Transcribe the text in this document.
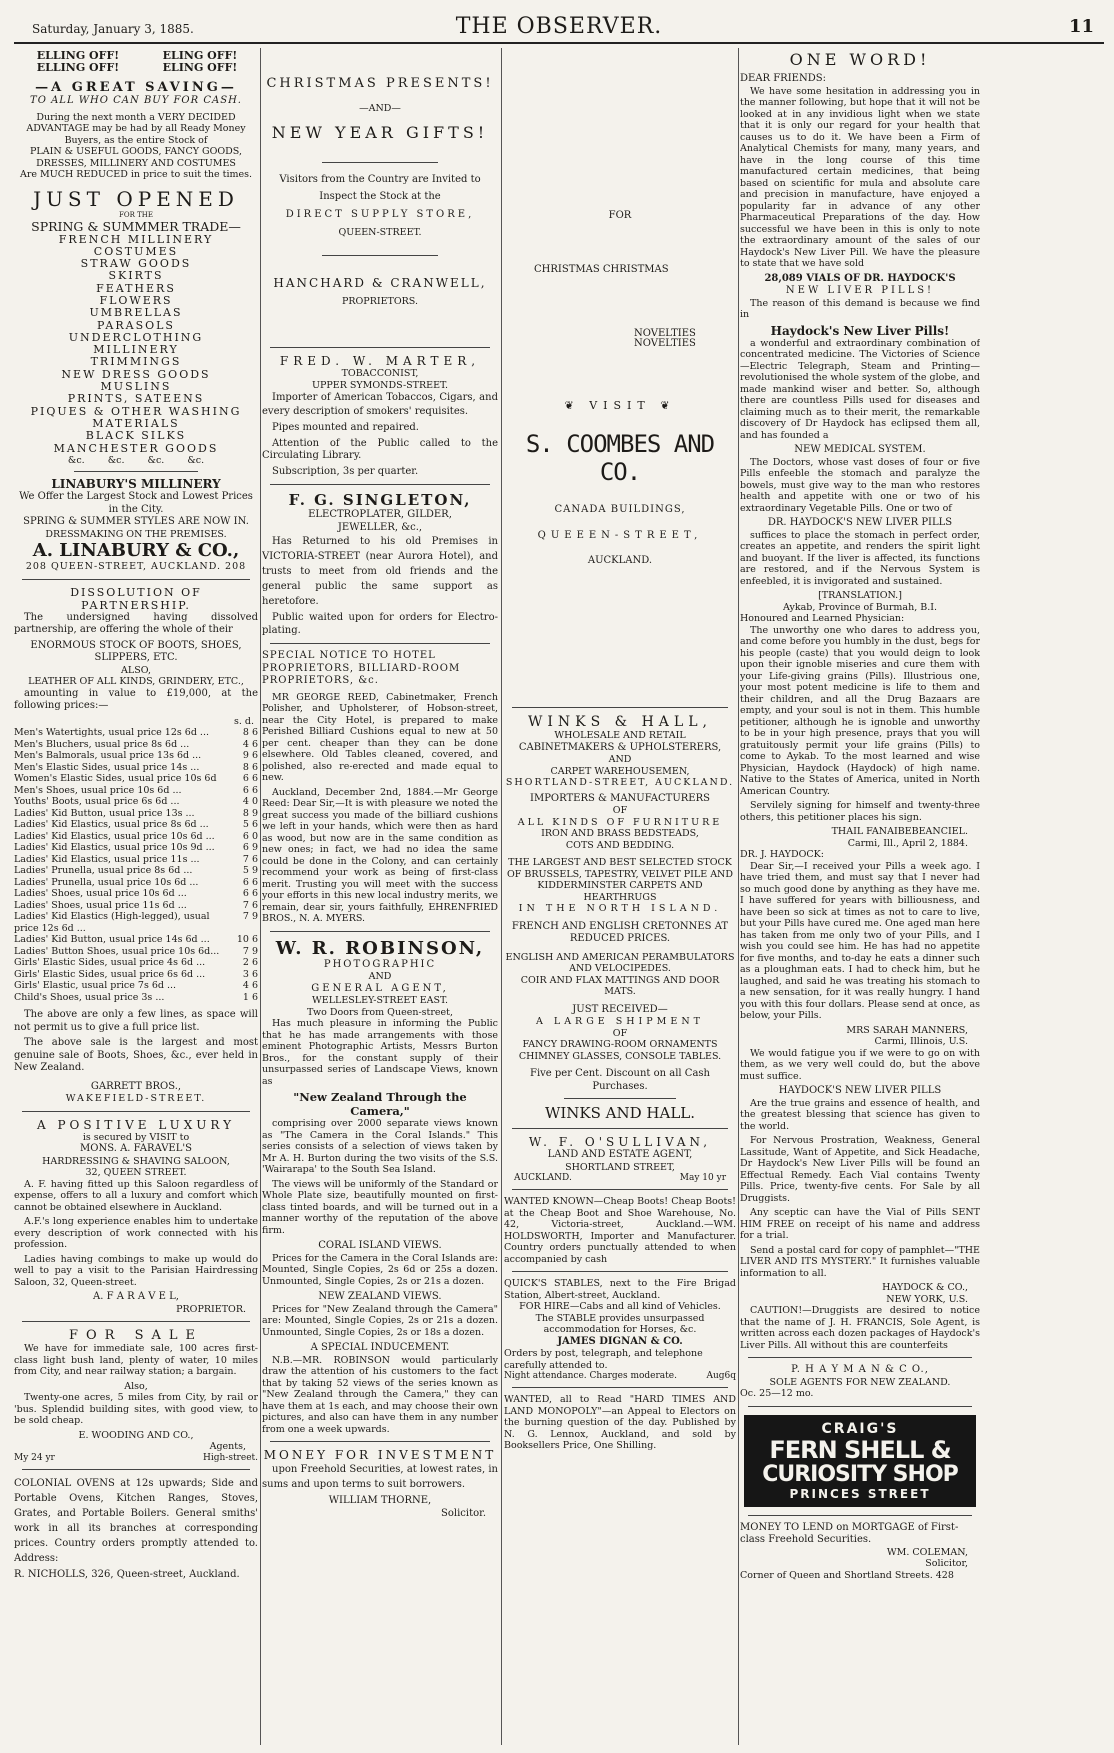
Saturday, January 3, 1885.	THE OBSERVER.	11
ELLING OFF! ELLING OFF!
ELING OFF! ELING OFF!
—A GREAT SAVING—
TO ALL WHO CAN BUY FOR CASH.
During the next month a VERY DECIDED ADVANTAGE may be had by all Ready Money Buyers, as the entire Stock of
PLAIN & USEFUL GOODS, FANCY GOODS, DRESSES, MILLINERY AND COSTUMES
Are MUCH REDUCED in price to suit the times.
JUST OPENED
FOR THE
SPRING & SUMMMER TRADE—
FRENCH MILLINERY
COSTUMES
STRAW GOODS
SKIRTS
FEATHERS
FLOWERS
UMBRELLAS
PARASOLS
UNDERCLOTHING
MILLINERY
TRIMMINGS
NEW DRESS GOODS
MUSLINS
PRINTS, SATEENS
PIQUES & OTHER WASHING MATERIALS
BLACK SILKS
MANCHESTER GOODS
&c. &c. &c. &c.
LINABURY'S MILLINERY
We Offer the Largest Stock and Lowest Prices in the City.
SPRING & SUMMER STYLES ARE NOW IN.
DRESSMAKING ON THE PREMISES.
A. LINABURY & CO.,
208 QUEEN-STREET, AUCKLAND. 208
DISSOLUTION OF PARTNERSHIP.

The undersigned having dissolved partnership, are offering the whole of their

ENORMOUS STOCK OF BOOTS, SHOES, SLIPPERS, ETC.
ALSO,
LEATHER OF ALL KINDS, GRINDERY, ETC.,

amounting in value to £19,000, at the following prices:—

s. d.
Men's Watertights, usual price 12s 6d ...	8 6
Men's Bluchers, usual price 8s 6d ...	4 6
Men's Balmorals, usual price 13s 6d ...	9 6
Men's Elastic Sides, usual price 14s ...	8 6
Women's Elastic Sides, usual price 10s 6d	6 6
Men's Shoes, usual price 10s 6d ...	6 6
Youths' Boots, usual price 6s 6d ...	4 0
Ladies' Kid Button, usual price 13s ...	8 9
Ladies' Kid Elastics, usual price 8s 6d ...	5 6
Ladies' Kid Elastics, usual price 10s 6d ...	6 0
Ladies' Kid Elastics, usual price 10s 9d ...	6 9
Ladies' Kid Elastics, usual price 11s ...	7 6
Ladies' Prunella, usual price 8s 6d ...	5 9
Ladies' Prunella, usual price 10s 6d ...	6 6
Ladies' Shoes, usual price 10s 6d ...	6 6
Ladies' Shoes, usual price 11s 6d ...	7 6
Ladies' Kid Elastics (High-legged), usual price 12s 6d ...
7 9
Ladies' Kid Button, usual price 14s 6d ...	10 6
Ladies' Button Shoes, usual price 10s 6d...	7 9
Girls' Elastic Sides, usual price 4s 6d ...	2 6
Girls' Elastic Sides, usual price 6s 6d ...	3 6
Girls' Elastic, usual price 7s 6d ...	4 6
Child's Shoes, usual price 3s ...	1 6

The above are only a few lines, as space will not permit us to give a full price list.

The above sale is the largest and most genuine sale of Boots, Shoes, &c., ever held in New Zealand.

GARRETT BROS.,
WAKEFIELD-STREET.
A POSITIVE LUXURY
is secured by VISIT to
MONS. A. FARAVEL'S
HARDRESSING & SHAVING SALOON,
32, QUEEN STREET.

A. F. having fitted up this Saloon regardless of expense, offers to all a luxury and comfort which cannot be obtained elsewhere in Auckland.

A.F.'s long experience enables him to undertake every description of work connected with his profession.

Ladies having combings to make up would do well to pay a visit to the Parisian Hairdressing Saloon, 32, Queen-street.

A. F A R A V E L,
PROPRIETOR.
FOR SALE

We have for immediate sale, 100 acres first-class light bush land, plenty of water, 10 miles from City, and near railway station; a bargain.

Also,

Twenty-one acres, 5 miles from City, by rail or 'bus. Splendid building sites, with good view, to be sold cheap.

E. WOODING AND CO.,
Agents,
My 24 yr	High-street.

COLONIAL OVENS at 12s upwards; Side and Portable Ovens, Kitchen Ranges, Stoves, Grates, and Portable Boilers. General smiths' work in all its branches at corresponding prices. Country orders promptly attended to. Address:

R. NICHOLLS, 326, Queen-street, Auckland.
CHRISTMAS PRESENTS!
—AND—
NEW YEAR GIFTS!

Visitors from the Country are Invited to Inspect the Stock at the

DIRECT SUPPLY STORE,
QUEEN-STREET.
HANCHARD & CRANWELL,
PROPRIETORS.
FRED. W. MARTER,
TOBACCONIST,
UPPER SYMONDS-STREET.

Importer of American Tobaccos, Cigars, and every description of smokers' requisites.

Pipes mounted and repaired.

Attention of the Public called to the Circulating Library.

Subscription, 3s per quarter.

F. G. SINGLETON,
ELECTROPLATER, GILDER,
JEWELLER, &c.,

Has Returned to his old Premises in VICTORIA-STREET (near Aurora Hotel), and trusts to meet from old friends and the general public the same support as heretofore.

Public waited upon for orders for Electro-plating.

SPECIAL NOTICE TO HOTEL PROPRIETORS, BILLIARD-ROOM PROPRIETORS, &c.

MR GEORGE REED, Cabinetmaker, French Polisher, and Upholsterer, of Hobson-street, near the City Hotel, is prepared to make Perished Billiard Cushions equal to new at 50 per cent. cheaper than they can be done elsewhere. Old Tables cleaned, covered, and polished, also re-erected and made equal to new.

Auckland, December 2nd, 1884.—Mr George Reed: Dear Sir,—It is with pleasure we noted the great success you made of the billiard cushions we left in your hands, which were then as hard as wood, but now are in the same condition as new ones; in fact, we had no idea the same could be done in the Colony, and can certainly recommend your work as being of first-class merit. Trusting you will meet with the success your efforts in this new local industry merits, we remain, dear sir, yours faithfully, EHRENFRIED BROS., N. A. MYERS.

W. R. ROBINSON,
PHOTOGRAPHIC
AND
GENERAL AGENT,
WELLESLEY-STREET EAST.
Two Doors from Queen-street,

Has much pleasure in informing the Public that he has made arrangements with those eminent Photographic Artists, Messrs Burton Bros., for the constant supply of their unsurpassed series of Landscape Views, known as

"New Zealand Through the Camera,"

comprising over 2000 separate views known as "The Camera in the Coral Islands." This series consists of a selection of views taken by Mr A. H. Burton during the two visits of the S.S. 'Wairarapa' to the South Sea Island.

The views will be uniformly of the Standard or Whole Plate size, beautifully mounted on first-class tinted boards, and will be turned out in a manner worthy of the reputation of the above firm.

CORAL ISLAND VIEWS.

Prices for the Camera in the Coral Islands are: Mounted, Single Copies, 2s 6d or 25s a dozen. Unmounted, Single Copies, 2s or 21s a dozen.

NEW ZEALAND VIEWS.

Prices for "New Zealand through the Camera" are: Mounted, Single Copies, 2s or 21s a dozen. Unmounted, Single Copies, 2s or 18s a dozen.

A SPECIAL INDUCEMENT.

N.B.—MR. ROBINSON would particularly draw the attention of his customers to the fact that by taking 52 views of the series known as "New Zealand through the Camera," they can have them at 1s each, and may choose their own pictures, and also can have them in any number from one a week upwards.

MONEY FOR INVESTMENT

upon Freehold Securities, at lowest rates, in sums and upon terms to suit borrowers.

WILLIAM THORNE,
Solicitor.
FOR
CHRISTMAS CHRISTMAS
NOVELTIES NOVELTIES
❦ VISIT ❦
S. COOMBES AND CO.
CANADA BUILDINGS,
QUEEEN-STREET,
AUCKLAND.
WINKS & HALL,
WHOLESALE AND RETAIL
CABINETMAKERS & UPHOLSTERERS,
AND
CARPET WAREHOUSEMEN,
SHORTLAND-STREET, AUCKLAND.
IMPORTERS & MANUFACTURERS
OF
ALL KINDS OF FURNITURE
IRON AND BRASS BEDSTEADS,
COTS AND BEDDING.
THE LARGEST AND BEST SELECTED STOCK OF BRUSSELS, TAPESTRY, VELVET PILE AND KIDDERMINSTER CARPETS AND HEARTHRUGS
IN THE NORTH ISLAND.
FRENCH AND ENGLISH CRETONNES AT REDUCED PRICES.
ENGLISH AND AMERICAN PERAMBULATORS AND VELOCIPEDES.
COIR AND FLAX MATTINGS AND DOOR MATS.
JUST RECEIVED—
A LARGE SHIPMENT
OF
FANCY DRAWING-ROOM ORNAMENTS CHIMNEY GLASSES, CONSOLE TABLES.
Five per Cent. Discount on all Cash Purchases.
WINKS AND HALL.
W. F. O'SULLIVAN,
LAND AND ESTATE AGENT,
SHORTLAND STREET,
AUCKLAND.	May 10 yr

WANTED KNOWN—Cheap Boots! Cheap Boots! at the Cheap Boot and Shoe Warehouse, No. 42, Victoria-street, Auckland.—WM. HOLDSWORTH, Importer and Manufacturer. Country orders punctually attended to when accompanied by cash

QUICK'S STABLES, next to the Fire Brigad Station, Albert-street, Auckland.

FOR HIRE—Cabs and all kind of Vehicles.
The STABLE provides unsurpassed accommodation for Horses, &c.
JAMES DIGNAN & CO.

Orders by post, telegraph, and telephone carefully attended to.

Night attendance. Charges moderate.	Aug6q

WANTED, all to Read "HARD TIMES AND LAND MONOPOLY"—an Appeal to Electors on the burning question of the day. Published by N. G. Lennox, Auckland, and sold by Booksellers Price, One Shilling.

ONE WORD!
DEAR FRIENDS:

We have some hesitation in addressing you in the manner following, but hope that it will not be looked at in any invidious light when we state that it is only our regard for your health that causes us to do it. We have been a Firm of Analytical Chemists for many, many years, and have in the long course of this time manufactured certain medicines, that being based on scientific for mula and absolute care and precision in manufacture, have enjoyed a popularity far in advance of any other Pharmaceutical Preparations of the day. How successful we have been in this is only to note the extraordinary amount of the sales of our Haydock's New Liver Pill. We have the pleasure to state that we have sold

28,089 VIALS OF DR. HAYDOCK'S
NEW LIVER PILLS!

The reason of this demand is because we find in

Haydock's New Liver Pills!

a wonderful and extraordinary combination of concentrated medicine. The Victories of Science—Electric Telegraph, Steam and Printing—revolutionised the whole system of the globe, and made mankind wiser and better. So, although there are countless Pills used for diseases and claiming much as to their merit, the remarkable discovery of Dr Haydock has eclipsed them all, and has founded a

NEW MEDICAL SYSTEM.

The Doctors, whose vast doses of four or five Pills enfeeble the stomach and paralyze the bowels, must give way to the man who restores health and appetite with one or two of his extraordinary Vegetable Pills. One or two of

DR. HAYDOCK'S NEW LIVER PILLS

suffices to place the stomach in perfect order, creates an appetite, and renders the spirit light and buoyant. If the liver is affected, its functions are restored, and if the Nervous System is enfeebled, it is invigorated and sustained.

[TRANSLATION.]
Aykab, Province of Burmah, B.I.
Honoured and Learned Physician:

The unworthy one who dares to address you, and come before you humbly in the dust, begs for his people (caste) that you would deign to look upon their ignoble miseries and cure them with your Life-giving grains (Pills). Illustrious one, your most potent medicine is life to them and their children, and all the Drug Bazaars are empty, and your soul is not in them. This humble petitioner, although he is ignoble and unworthy to be in your high presence, prays that you will gratuitously permit your life grains (Pills) to come to Aykab. To the most learned and wise Physician, Haydock (Haydock) of high name. Native to the States of America, united in North American Country.

Servilely signing for himself and twenty-three others, this petitioner places his sign.

THAIL FANAIBEBEANCIEL.
Carmi, Ill., April 2, 1884.
DR. J. HAYDOCK:

Dear Sir,—I received your Pills a week ago. I have tried them, and must say that I never had so much good done by anything as they have me. I have suffered for years with billiousness, and have been so sick at times as not to care to live, but your Pills have cured me. One aged man here has taken from me only two of your Pills, and I wish you could see him. He has had no appetite for five months, and to-day he eats a dinner such as a ploughman eats. I had to check him, but he laughed, and said he was treating his stomach to a new sensation, for it was really hungry. I hand you with this four dollars. Please send at once, as below, your Pills.

MRS SARAH MANNERS,
Carmi, Illinois, U.S.

We would fatigue you if we were to go on with them, as we very well could do, but the above must suffice.

HAYDOCK'S NEW LIVER PILLS

Are the true grains and essence of health, and the greatest blessing that science has given to the world.

For Nervous Prostration, Weakness, General Lassitude, Want of Appetite, and Sick Headache, Dr Haydock's New Liver Pills will be found an Effectual Remedy. Each Vial contains Twenty Pills. Price, twenty-five cents. For Sale by all Druggists.

Any sceptic can have the Vial of Pills SENT HIM FREE on receipt of his name and address for a trial.

Send a postal card for copy of pamphlet—"THE LIVER AND ITS MYSTERY." It furnishes valuable information to all.

HAYDOCK & CO.,
NEW YORK, U.S.

CAUTION!—Druggists are desired to notice that the name of J. H. FRANCIS, Sole Agent, is written across each dozen packages of Haydock's Liver Pills. All without this are counterfeits

P. H A Y M A N & C O.,
SOLE AGENTS FOR NEW ZEALAND.
Oc. 25—12 mo.
CRAIG'S
FERN SHELL &
CURIOSITY SHOP
PRINCES STREET

MONEY TO LEND on MORTGAGE of First-class Freehold Securities.

WM. COLEMAN,
Solicitor,
Corner of Queen and Shortland Streets. 428
